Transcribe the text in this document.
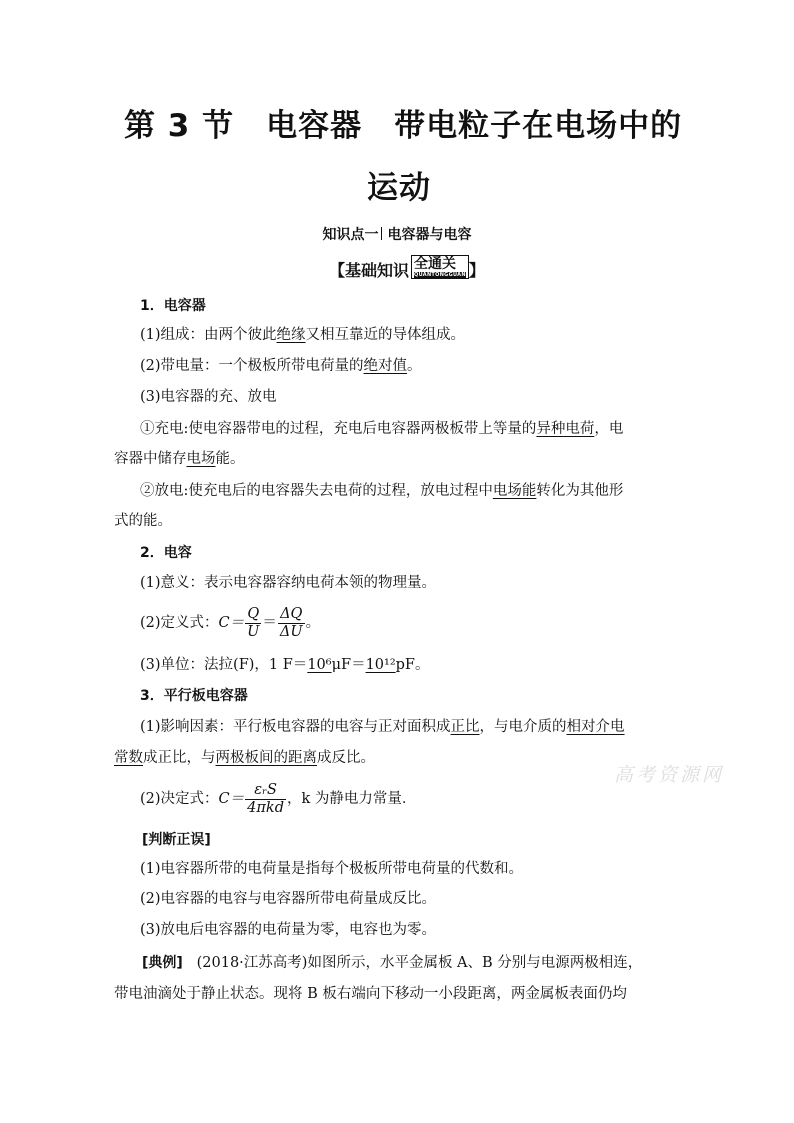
第 3 节　电容器　带电粒子在电场中的
运动
知识点一 电容器与电容
【基础知识 全通关
QUANTONGGUAN 】
1．电容器
(1)组成：由两个彼此绝缘又相互靠近的导体组成。
(2)带电量：一个极板所带电荷量的绝对值。
(3)电容器的充、放电
①充电:使电容器带电的过程，充电后电容器两极板带上等量的异种电荷，电
容器中储存电场能。
②放电:使充电后的电容器失去电荷的过程，放电过程中电场能转化为其他形
式的能。
2．电容
(1)意义：表示电容器容纳电荷本领的物理量。
(2)定义式：$C= \frac{Q}{U} = \frac{\Delta Q}{\Delta U}$ 。
(3)单位：法拉(F)，1 F＝10⁶μF＝10¹²pF。
3．平行板电容器
(1)影响因素：平行板电容器的电容与正对面积成正比，与电介质的相对介电
常数成正比，与两极板间的距离成反比。
(2)决定式：$C= \frac{\text{εᵣS}}{\text{4πkd}}$ ，k 为静电力常量．
[判断正误]
(1)电容器所带的电荷量是指每个极板所带电荷量的代数和。
(2)电容器的电容与电容器所带电荷量成反比。
(3)放电后电容器的电荷量为零，电容也为零。
[典例] (2018·江苏高考)如图所示，水平金属板 A、B 分别与电源两极相连，
带电油滴处于静止状态。现将 B 板右端向下移动一小段距离，两金属板表面仍均
高考资源网
